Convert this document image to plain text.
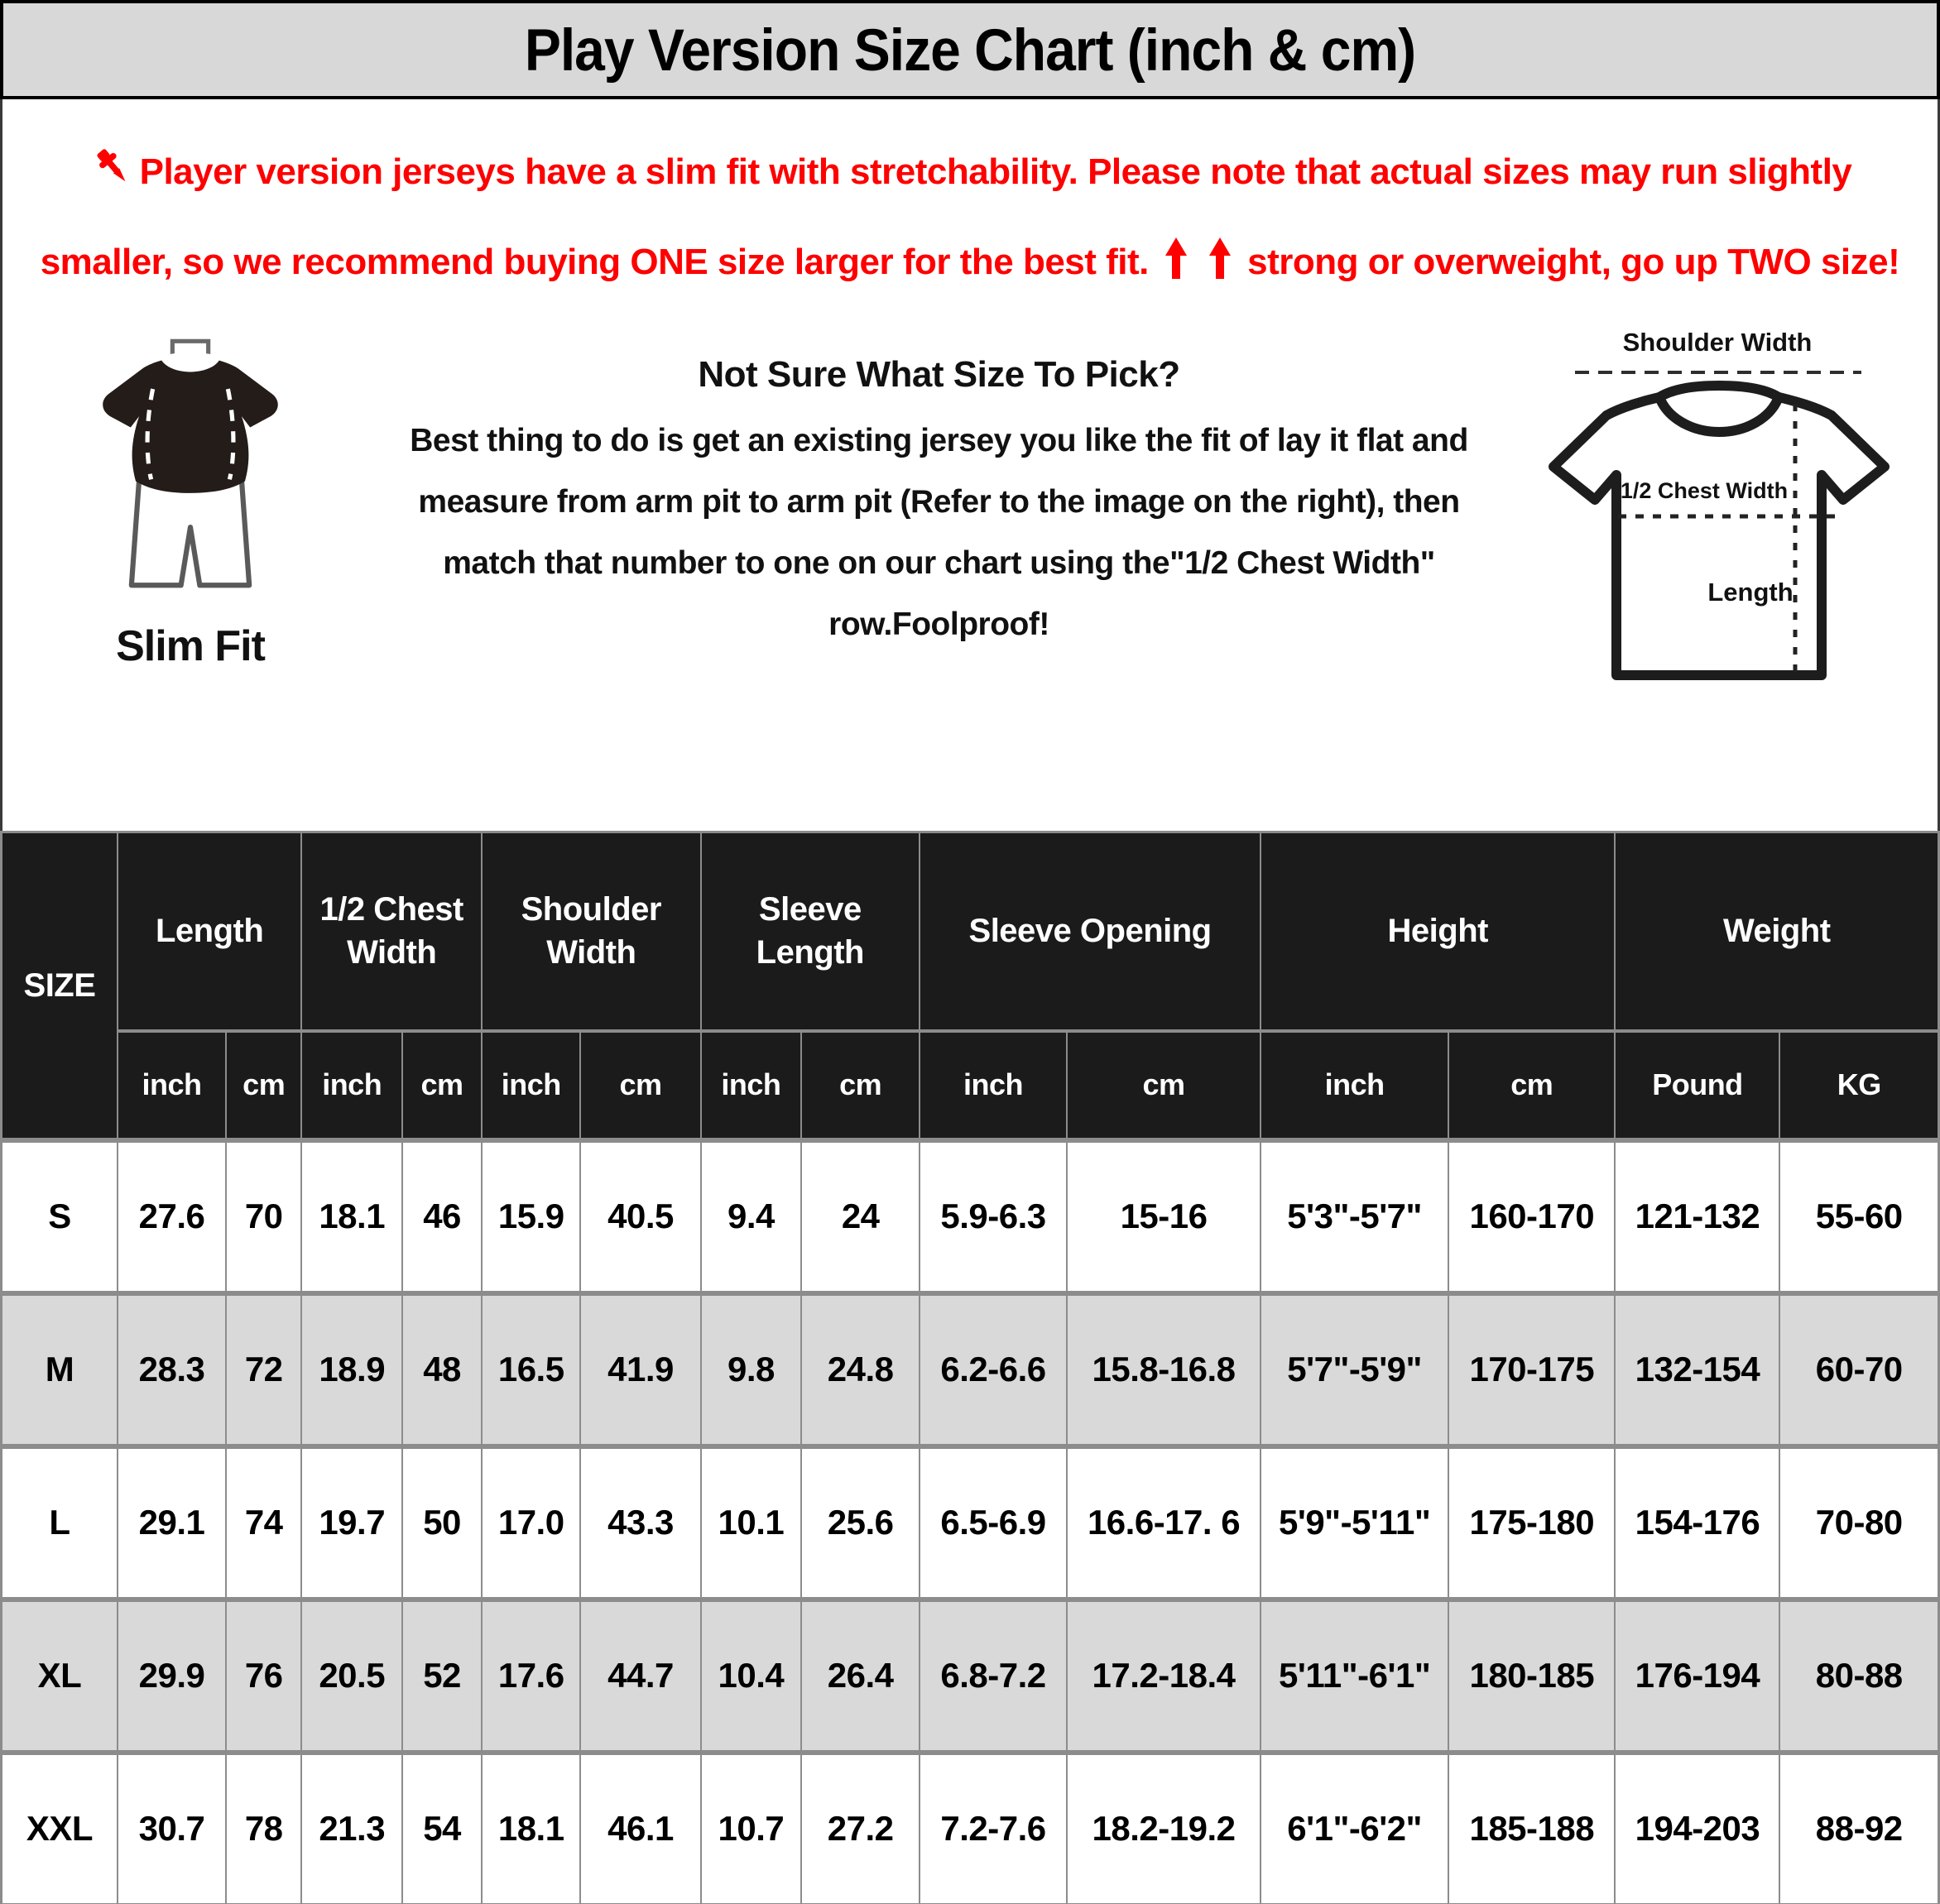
Play Version Size Chart (inch & cm)

Player version jerseys have a slim fit with stretchability. Please note that actual sizes may run slightly smaller, so we recommend buying ONE size larger for the best fit.	strong or overweight, go up TWO size!

Slim Fit
Not Sure What Size To Pick?
Best thing to do is get an existing jersey you like the fit of lay it flat and measure from arm pit to arm pit (Refer to the image on the right), then match that number to one on our chart using the"1/2 Chest Width" row.Foolproof!
Shoulder Width
1/2 Chest Width
Length
SIZE	Length		1/2 Chest Width		Shoulder Width		Sleeve Length		Sleeve Opening		Height		Weight	
	inch	cm	inch	cm	inch	cm	inch	cm	inch	cm	inch	cm	Pound	KG
S	27.6	70	18.1	46	15.9	40.5	9.4	24	5.9-6.3	15-16	5'3"-5'7"	160-170	121-132	55-60
M	28.3	72	18.9	48	16.5	41.9	9.8	24.8	6.2-6.6	15.8-16.8	5'7"-5'9"	170-175	132-154	60-70
L	29.1	74	19.7	50	17.0	43.3	10.1	25.6	6.5-6.9	16.6-17. 6	5'9"-5'11"	175-180	154-176	70-80
XL	29.9	76	20.5	52	17.6	44.7	10.4	26.4	6.8-7.2	17.2-18.4	5'11"-6'1"	180-185	176-194	80-88
XXL	30.7	78	21.3	54	18.1	46.1	10.7	27.2	7.2-7.6	18.2-19.2	6'1"-6'2"	185-188	194-203	88-92
